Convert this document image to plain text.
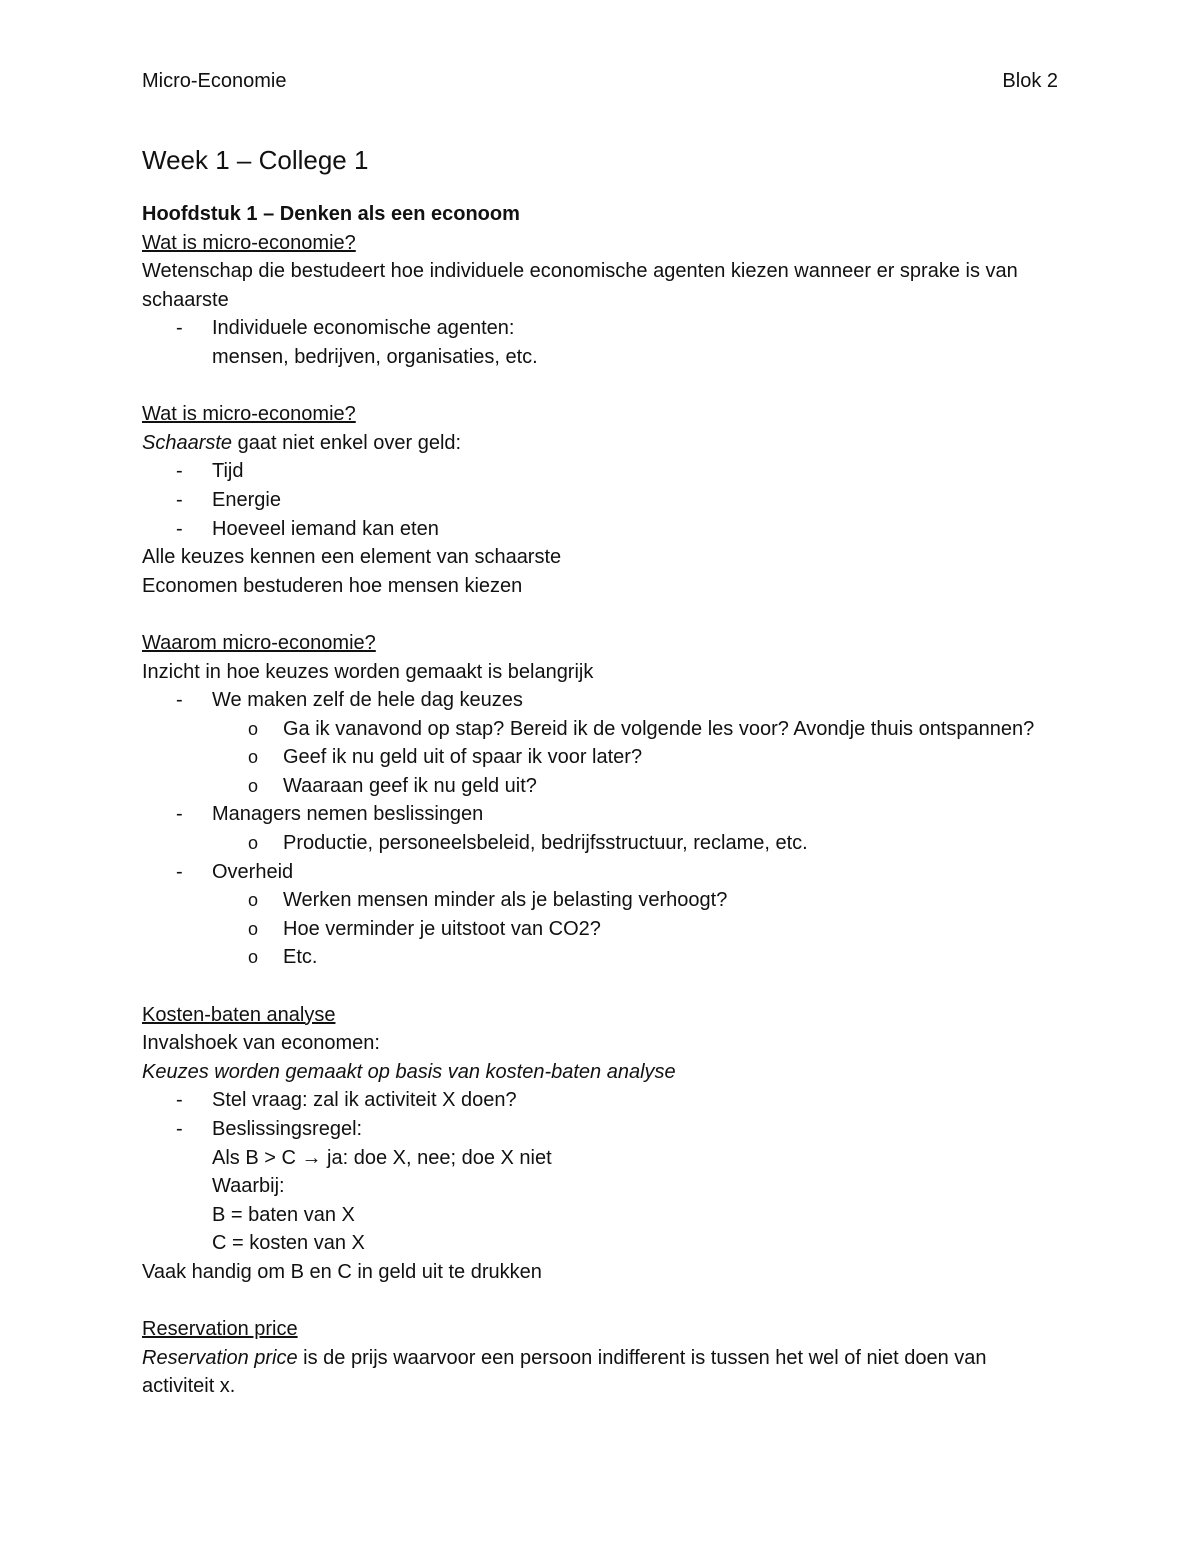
Micro-Economie	Blok 2
Week 1 – College 1
Hoofdstuk 1 – Denken als een econoom
Wat is micro-economie?
Wetenschap die bestudeert hoe individuele economische agenten kiezen wanneer er sprake is van
schaarste
- Individuele economische agenten:
mensen, bedrijven, organisaties, etc.
Wat is micro-economie?
Schaarste gaat niet enkel over geld:
- Tijd
- Energie
- Hoeveel iemand kan eten
Alle keuzes kennen een element van schaarste
Economen bestuderen hoe mensen kiezen
Waarom micro-economie?
Inzicht in hoe keuzes worden gemaakt is belangrijk
- We maken zelf de hele dag keuzes
o Ga ik vanavond op stap? Bereid ik de volgende les voor? Avondje thuis ontspannen?
o Geef ik nu geld uit of spaar ik voor later?
o Waaraan geef ik nu geld uit?
- Managers nemen beslissingen
o Productie, personeelsbeleid, bedrijfsstructuur, reclame, etc.
- Overheid
o Werken mensen minder als je belasting verhoogt?
o Hoe verminder je uitstoot van CO2?
o Etc.
Kosten-baten analyse
Invalshoek van economen:
Keuzes worden gemaakt op basis van kosten-baten analyse
- Stel vraag: zal ik activiteit X doen?
- Beslissingsregel:
Als B > C → ja: doe X, nee; doe X niet
Waarbij:
B = baten van X
C = kosten van X
Vaak handig om B en C in geld uit te drukken
Reservation price
Reservation price is de prijs waarvoor een persoon indifferent is tussen het wel of niet doen van
activiteit x.
